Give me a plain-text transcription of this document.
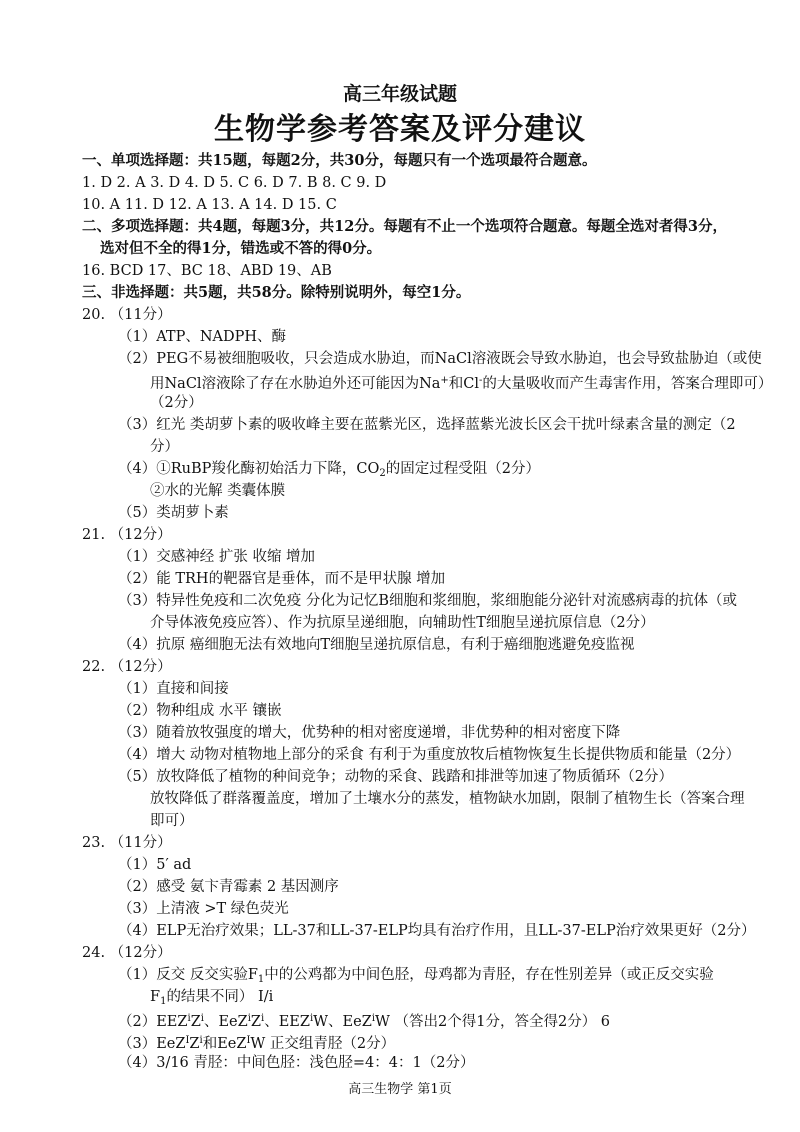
高三年级试题
生物学参考答案及评分建议
一、单项选择题：共15题，每题2分，共30分，每题只有一个选项最符合题意。
1. D 2. A 3. D 4. D 5. C 6. D 7. B 8. C 9. D
10. A 11. D 12. A 13. A 14. D 15. C
二、多项选择题：共4题，每题3分，共12分。每题有不止一个选项符合题意。每题全选对者得3分，
选对但不全的得1分，错选或不答的得0分。
16. BCD 17、BC 18、ABD 19、AB
三、非选择题：共5题，共58分。除特别说明外，每空1分。
20. （11分）
（1）ATP、NADPH、酶
（2）PEG不易被细胞吸收，只会造成水胁迫，而NaCl溶液既会导致水胁迫，也会导致盐胁迫（或使
用NaCl溶液除了存在水胁迫外还可能因为Na+和Cl-的大量吸收而产生毒害作用，答案合理即可）
（2分）
（3）红光 类胡萝卜素的吸收峰主要在蓝紫光区，选择蓝紫光波长区会干扰叶绿素含量的测定（2
分）
（4）①RuBP羧化酶初始活力下降，$CO_2$的固定过程受阻（2分）
②水的光解 类囊体膜
（5）类胡萝卜素
21. （12分）
（1）交感神经 扩张 收缩 增加
（2）能 TRH的靶器官是垂体，而不是甲状腺 增加
（3）特异性免疫和二次免疫 分化为记忆B细胞和浆细胞，浆细胞能分泌针对流感病毒的抗体（或
介导体液免疫应答）、作为抗原呈递细胞，向辅助性T细胞呈递抗原信息（2分）
（4）抗原 癌细胞无法有效地向T细胞呈递抗原信息，有利于癌细胞逃避免疫监视
22. （12分）
（1）直接和间接
（2）物种组成 水平 镶嵌
（3）随着放牧强度的增大，优势种的相对密度递增，非优势种的相对密度下降
（4）增大 动物对植物地上部分的采食 有利于为重度放牧后植物恢复生长提供物质和能量（2分）
（5）放牧降低了植物的种间竞争；动物的采食、践踏和排泄等加速了物质循环（2分）
放牧降低了群落覆盖度，增加了土壤水分的蒸发，植物缺水加剧，限制了植物生长（答案合理
即可）
23. （11分）
（1）5′ ad
（2）感受 氨卞青霉素 2 基因测序
（3）上清液 >T 绿色荧光
（4）ELP无治疗效果；LL-37和LL-37-ELP均具有治疗作用，且LL-37-ELP治疗效果更好（2分）
24. （12分）
（1）反交 反交实验$F_1$中的公鸡都为中间色胫，母鸡都为青胫，存在性别差异（或正反交实验
$F_1$的结果不同） I/i
$(2)EEZ^iZ^i$、$EeZ^iZ^i$、EEZ$^i$W、EeZ$^i$W （答出2个得1分，答全得2分） 6
$(3)EeZ^IZ^i$和EeZ$^I$W 正交组青胫（2分）
（4）3/16 青胫：中间色胫：浅色胫=4：4：1（2分）
高三生物学 第1页
